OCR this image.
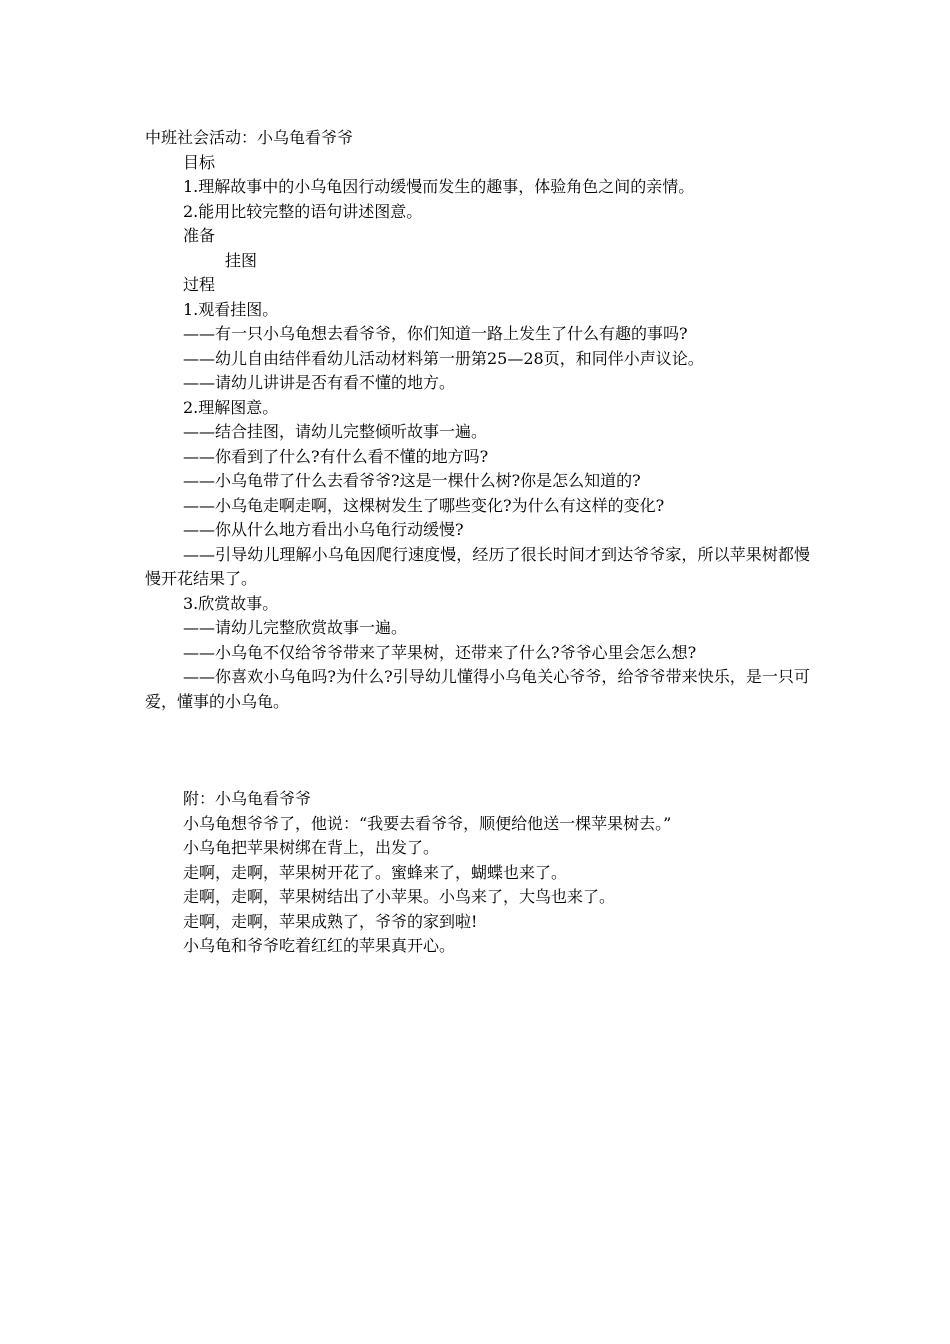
中班社会活动：小乌龟看爷爷

目标

1.理解故事中的小乌龟因行动缓慢而发生的趣事，体验角色之间的亲情。

2.能用比较完整的语句讲述图意。

准备

挂图

过程

1.观看挂图。

——有一只小乌龟想去看爷爷，你们知道一路上发生了什么有趣的事吗?

——幼儿自由结伴看幼儿活动材料第一册第25—28页，和同伴小声议论。

——请幼儿讲讲是否有看不懂的地方。

2.理解图意。

——结合挂图，请幼儿完整倾听故事一遍。

——你看到了什么?有什么看不懂的地方吗?

——小乌龟带了什么去看爷爷?这是一棵什么树?你是怎么知道的?

——小乌龟走啊走啊，这棵树发生了哪些变化?为什么有这样的变化?

——你从什么地方看出小乌龟行动缓慢?

——引导幼儿理解小乌龟因爬行速度慢，经历了很长时间才到达爷爷家，所以苹果树都慢慢开花结果了。

3.欣赏故事。

——请幼儿完整欣赏故事一遍。

——小乌龟不仅给爷爷带来了苹果树，还带来了什么?爷爷心里会怎么想?

——你喜欢小乌龟吗?为什么?引导幼儿懂得小乌龟关心爷爷，给爷爷带来快乐，是一只可爱，懂事的小乌龟。

附：小乌龟看爷爷

小乌龟想爷爷了，他说：“我要去看爷爷，顺便给他送一棵苹果树去。”

小乌龟把苹果树绑在背上，出发了。

走啊，走啊，苹果树开花了。蜜蜂来了，蝴蝶也来了。

走啊，走啊，苹果树结出了小苹果。小鸟来了，大鸟也来了。

走啊，走啊，苹果成熟了，爷爷的家到啦!

小乌龟和爷爷吃着红红的苹果真开心。
